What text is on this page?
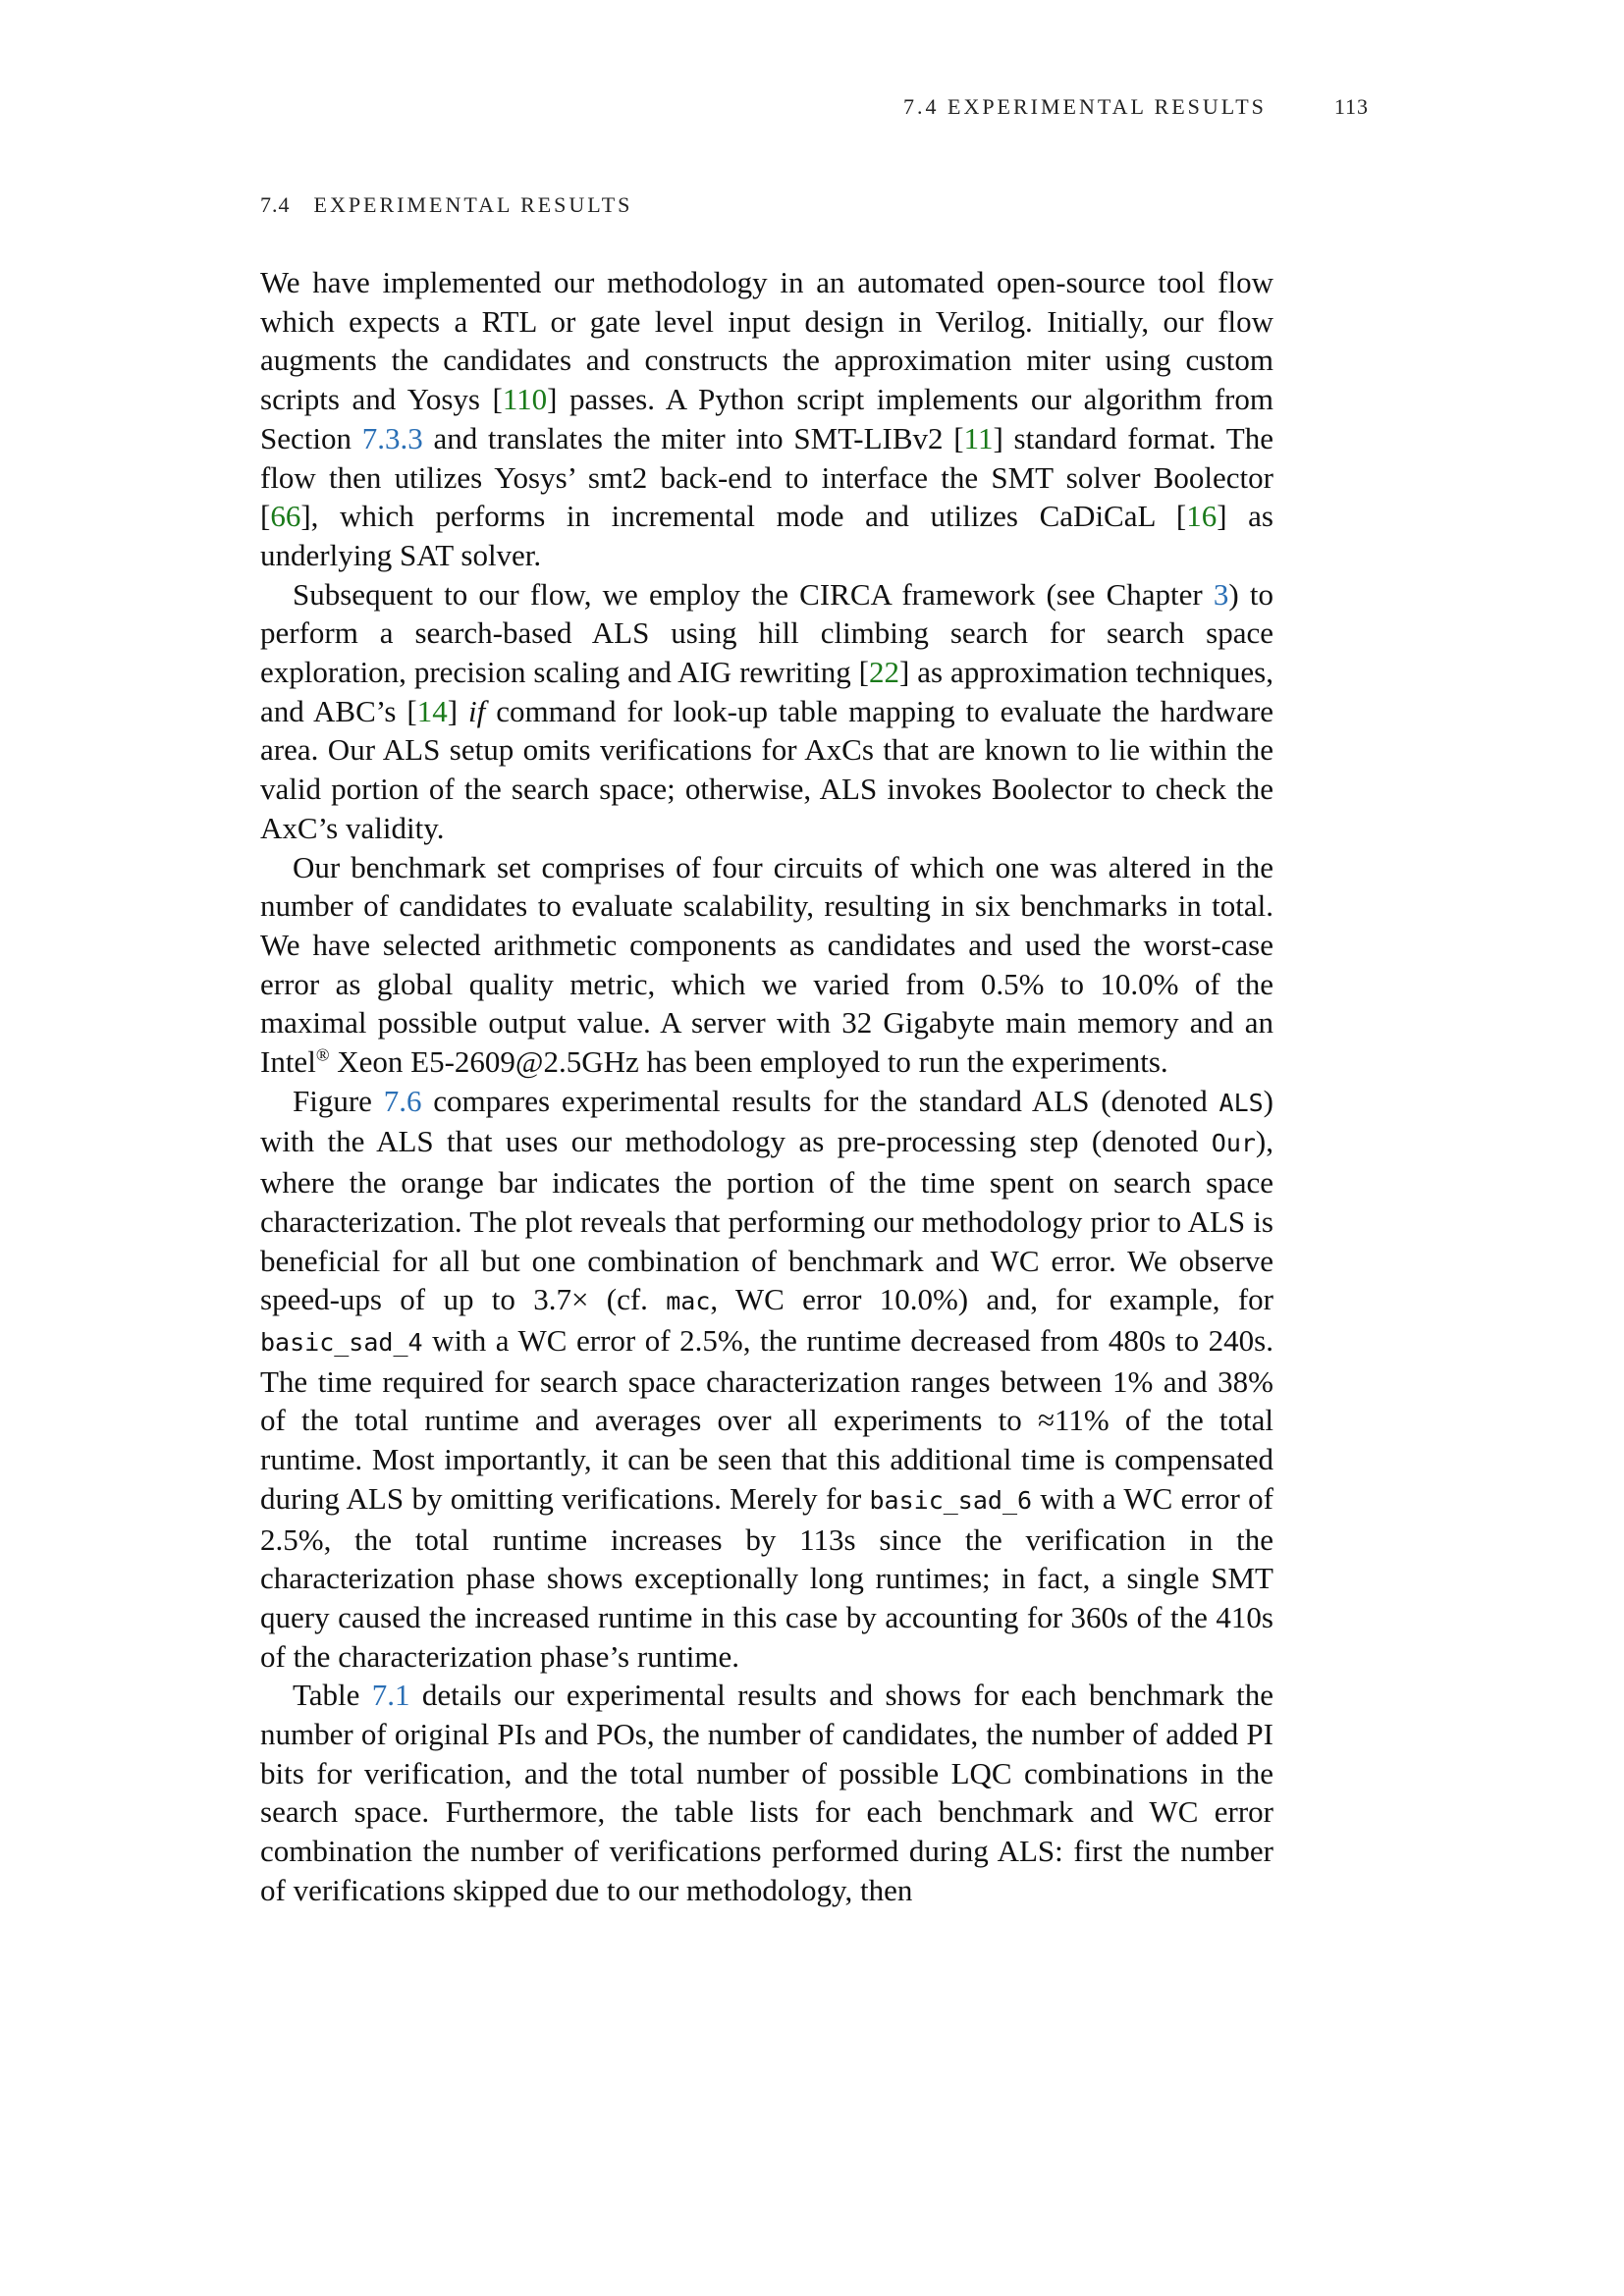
7.4 EXPERIMENTAL RESULTS	113
7.4 EXPERIMENTAL RESULTS

We have implemented our methodology in an automated open-source tool flow which expects a RTL or gate level input design in Verilog. Initially, our flow augments the candidates and constructs the approximation miter using custom scripts and Yosys [110] passes. A Python script implements our algorithm from Section 7.3.3 and translates the miter into SMT-LIBv2 [11] standard format. The flow then utilizes Yosys’ smt2 back-end to interface the SMT solver Boolector [66], which performs in incremental mode and utilizes CaDiCaL [16] as underlying SAT solver.

Subsequent to our flow, we employ the CIRCA framework (see Chapter 3) to perform a search-based ALS using hill climbing search for search space exploration, precision scaling and AIG rewriting [22] as approximation techniques, and ABC’s [14] if command for look-up table mapping to evaluate the hardware area. Our ALS setup omits verifications for AxCs that are known to lie within the valid portion of the search space; otherwise, ALS invokes Boolector to check the AxC’s validity.

Our benchmark set comprises of four circuits of which one was altered in the number of candidates to evaluate scalability, resulting in six benchmarks in total. We have selected arithmetic components as candidates and used the worst-case error as global quality metric, which we varied from 0.5% to 10.0% of the maximal possible output value. A server with 32 Gigabyte main memory and an Intel® Xeon E5-2609@2.5GHz has been employed to run the experiments.

Figure 7.6 compares experimental results for the standard ALS (denoted ALS) with the ALS that uses our methodology as pre-processing step (denoted Our), where the orange bar indicates the portion of the time spent on search space characterization. The plot reveals that performing our methodology prior to ALS is beneficial for all but one combination of benchmark and WC error. We observe speed-ups of up to 3.7× (cf. mac, WC error 10.0%) and, for example, for basic_sad_4 with a WC error of 2.5%, the runtime decreased from 480s to 240s. The time required for search space characterization ranges between 1% and 38% of the total runtime and averages over all experiments to ≈11% of the total runtime. Most importantly, it can be seen that this additional time is compensated during ALS by omitting verifications. Merely for basic_sad_6 with a WC error of 2.5%, the total runtime increases by 113s since the verification in the characterization phase shows exceptionally long runtimes; in fact, a single SMT query caused the increased runtime in this case by accounting for 360s of the 410s of the characterization phase’s runtime.

Table 7.1 details our experimental results and shows for each benchmark the number of original PIs and POs, the number of candidates, the number of added PI bits for verification, and the total number of possible LQC combinations in the search space. Furthermore, the table lists for each benchmark and WC error combination the number of verifications performed during ALS: first the number of verifications skipped due to our methodology, then
